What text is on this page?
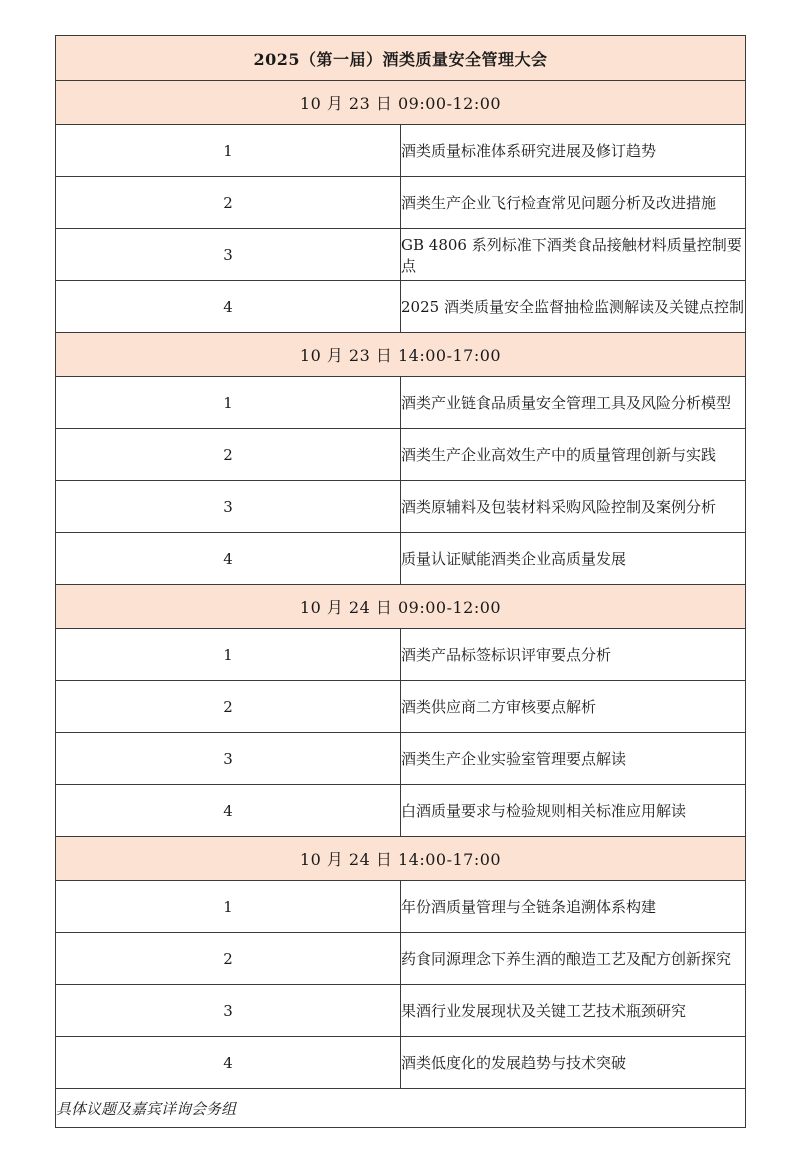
2025（第一届）酒类质量安全管理大会	
10 月 23 日 09:00-12:00	
1	酒类质量标准体系研究进展及修订趋势
2	酒类生产企业飞行检查常见问题分析及改进措施
3	GB 4806 系列标准下酒类食品接触材料质量控制要点
4	2025 酒类质量安全监督抽检监测解读及关键点控制
10 月 23 日 14:00-17:00	
1	酒类产业链食品质量安全管理工具及风险分析模型
2	酒类生产企业高效生产中的质量管理创新与实践
3	酒类原辅料及包装材料采购风险控制及案例分析
4	质量认证赋能酒类企业高质量发展
10 月 24 日 09:00-12:00	
1	酒类产品标签标识评审要点分析
2	酒类供应商二方审核要点解析
3	酒类生产企业实验室管理要点解读
4	白酒质量要求与检验规则相关标准应用解读
10 月 24 日 14:00-17:00	
1	年份酒质量管理与全链条追溯体系构建
2	药食同源理念下养生酒的酿造工艺及配方创新探究
3	果酒行业发展现状及关键工艺技术瓶颈研究
4	酒类低度化的发展趋势与技术突破
具体议题及嘉宾详询会务组	
